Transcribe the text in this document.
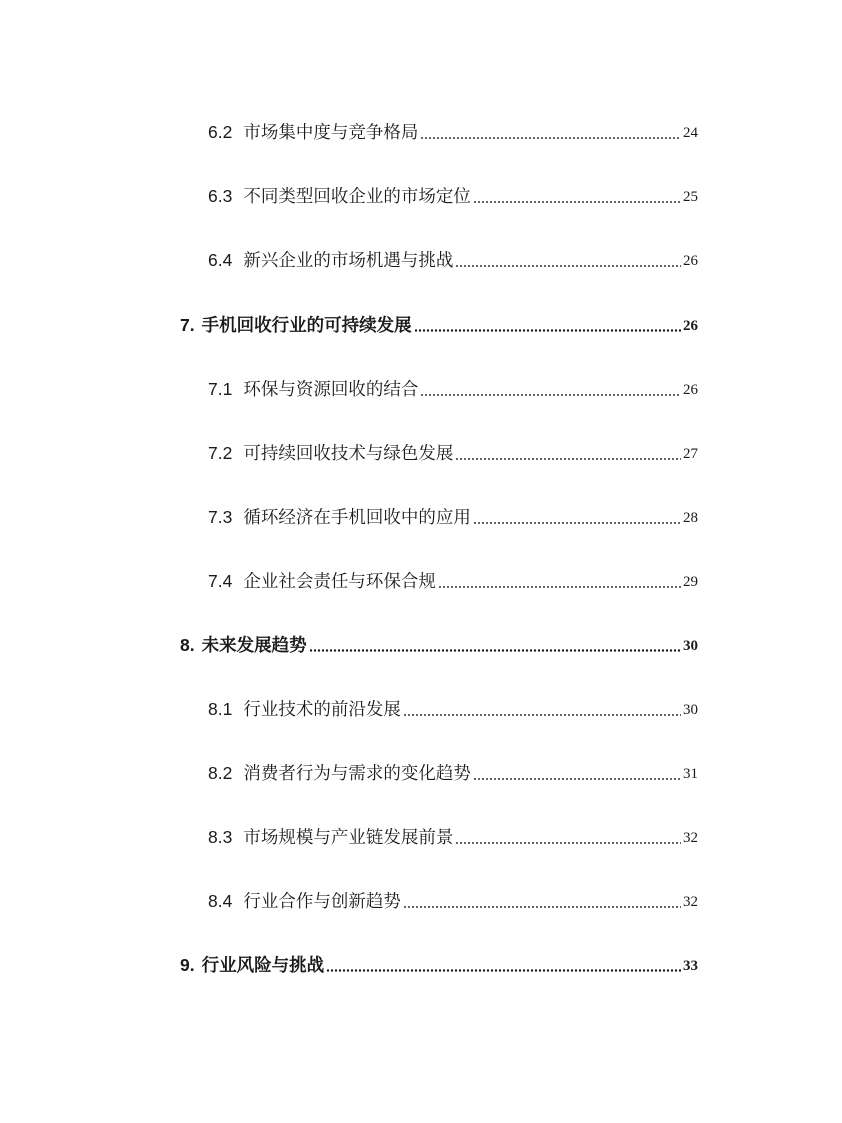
6.2 市场集中度与竞争格局	24
6.3 不同类型回收企业的市场定位	25
6.4 新兴企业的市场机遇与挑战	26
7. 手机回收行业的可持续发展	26
7.1 环保与资源回收的结合	26
7.2 可持续回收技术与绿色发展	27
7.3 循环经济在手机回收中的应用	28
7.4 企业社会责任与环保合规	29
8. 未来发展趋势	30
8.1 行业技术的前沿发展	30
8.2 消费者行为与需求的变化趋势	31
8.3 市场规模与产业链发展前景	32
8.4 行业合作与创新趋势	32
9. 行业风险与挑战	33
